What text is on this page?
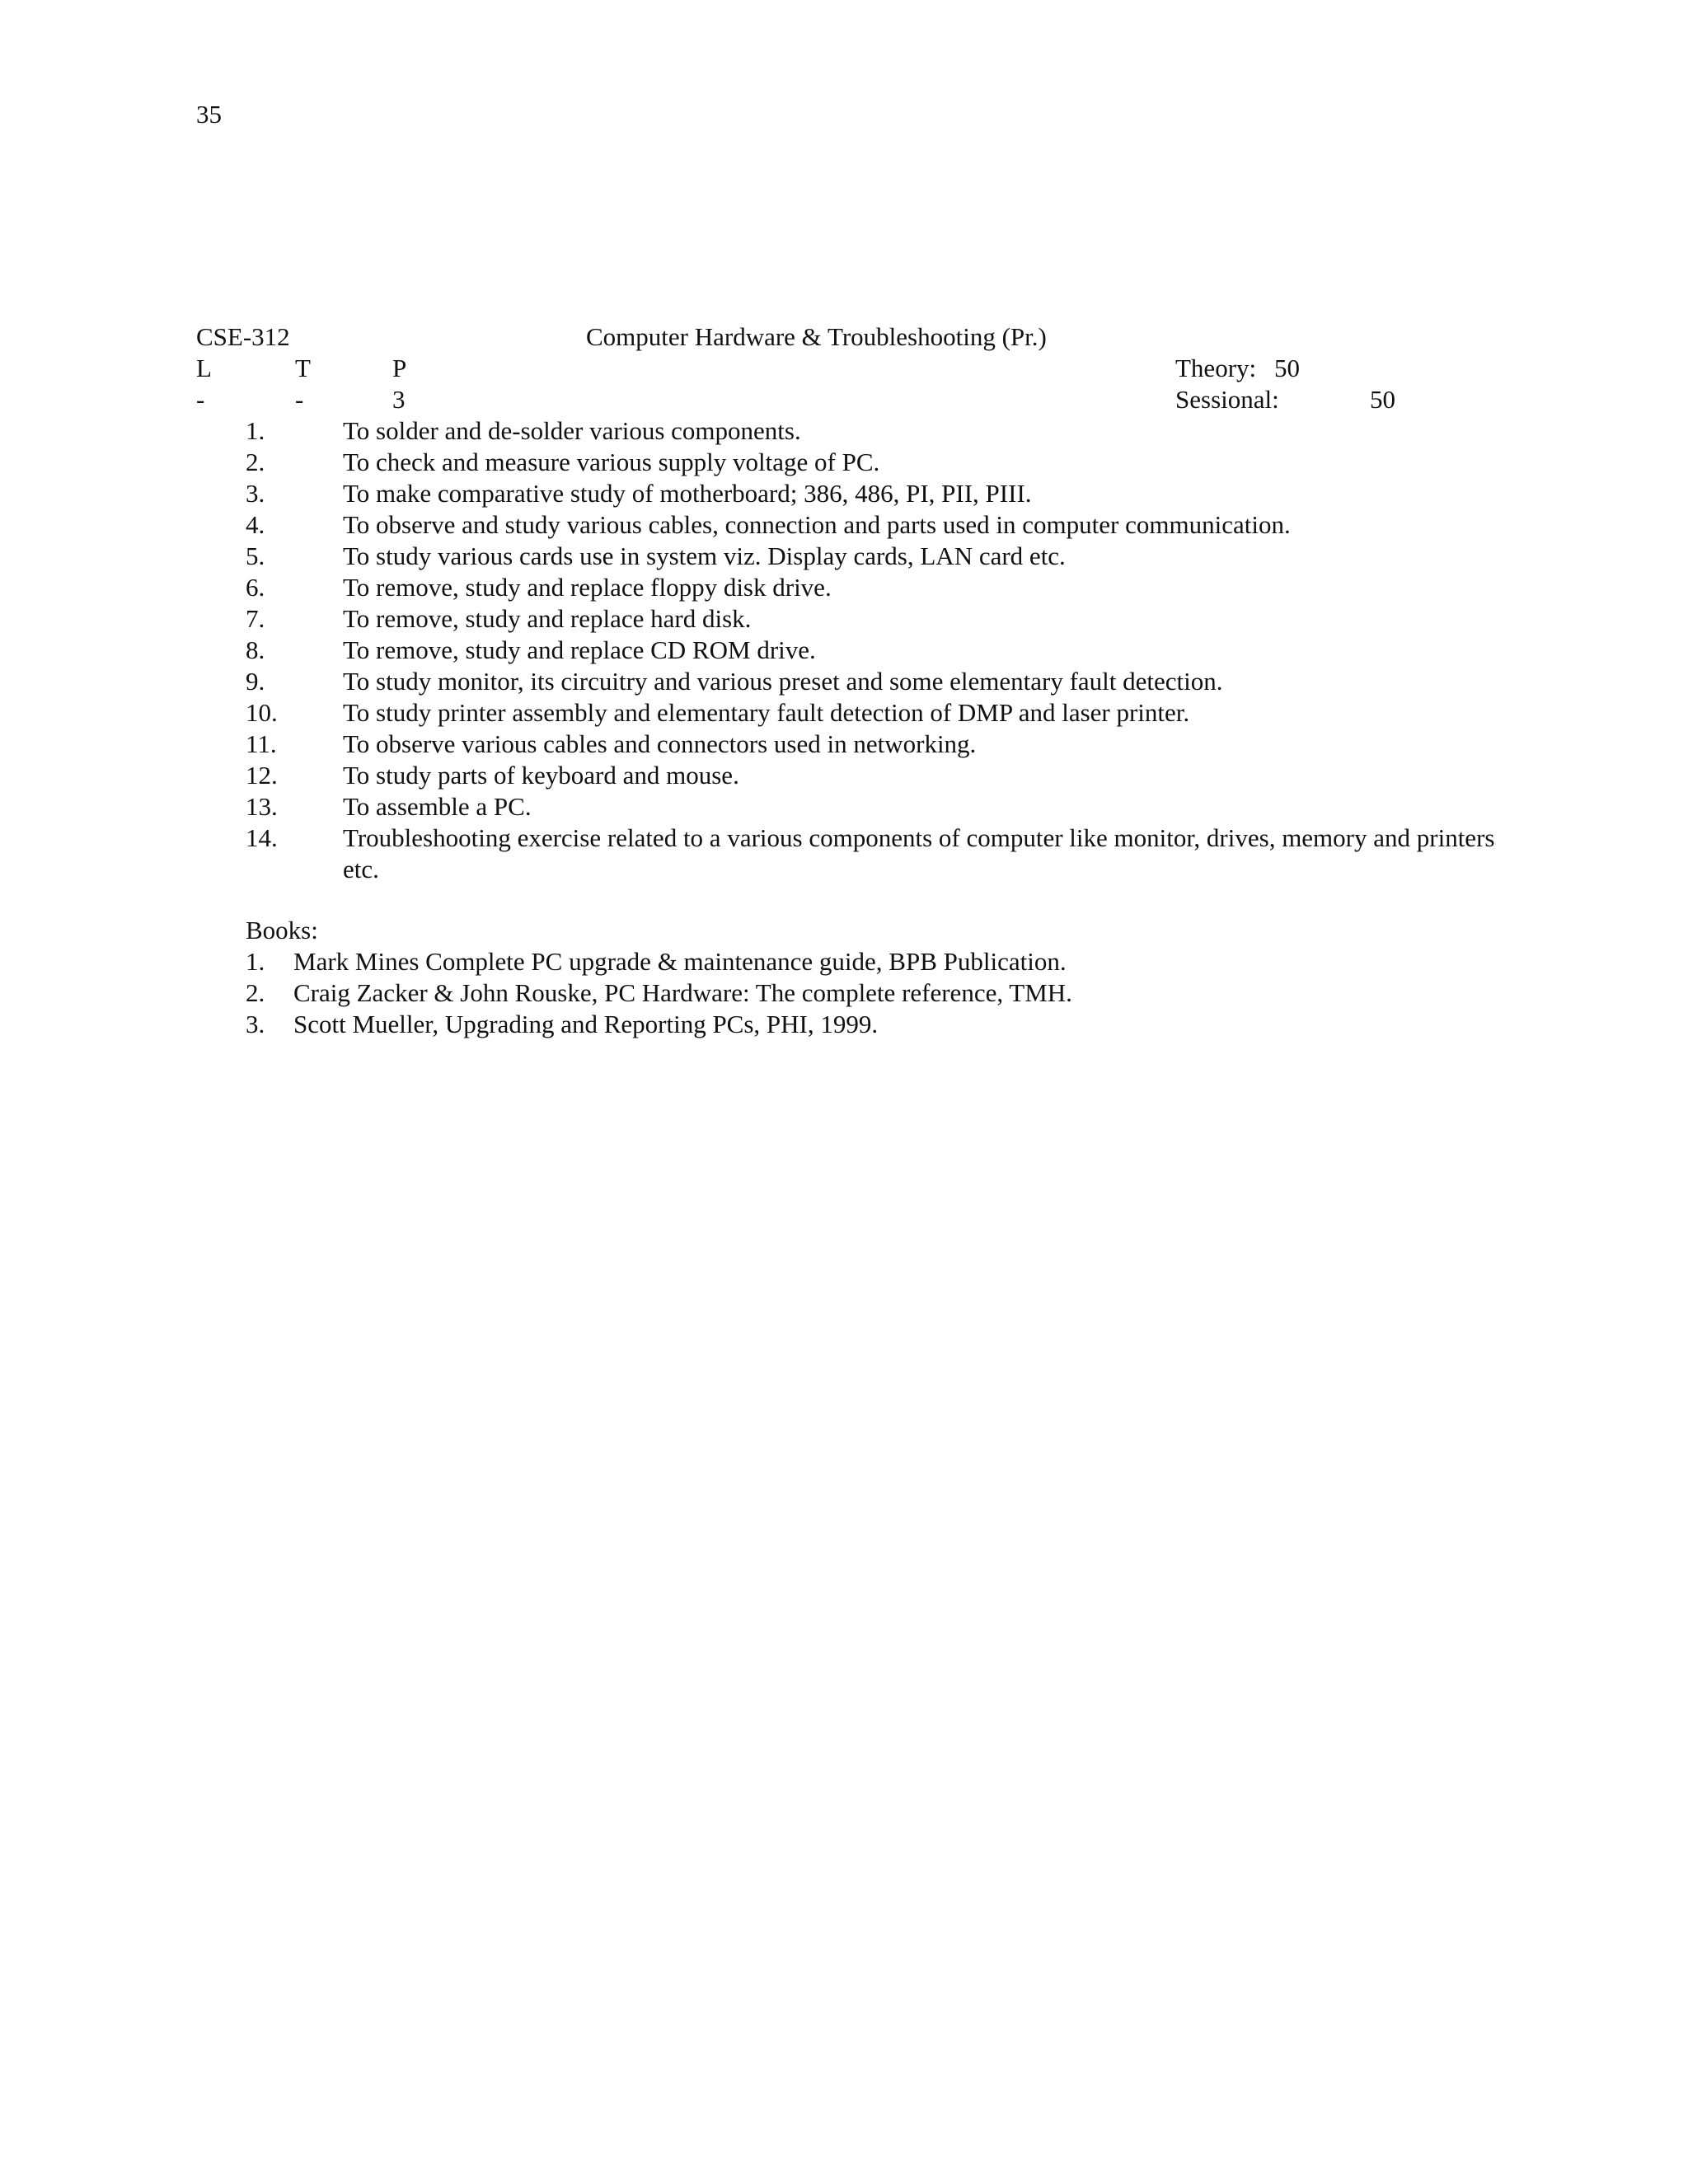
35
CSE-312	Computer Hardware & Troubleshooting (Pr.)
L	T	P	Theory: 50
-	-	3	Sessional:	50
1.	To solder and de-solder various components.
2.	To check and measure various supply voltage of PC.
3.	To make comparative study of motherboard; 386, 486, PI, PII, PIII.
4.	To observe and study various cables, connection and parts used in computer communication.
5.	To study various cards use in system viz. Display cards, LAN card etc.
6.	To remove, study and replace floppy disk drive.
7.	To remove, study and replace hard disk.
8.	To remove, study and replace CD ROM drive.
9.	To study monitor, its circuitry and various preset and some elementary fault detection.
10.	To study printer assembly and elementary fault detection of DMP and laser printer.
11.	To observe various cables and connectors used in networking.
12.	To study parts of keyboard and mouse.
13.	To assemble a PC.
14.	Troubleshooting exercise related to a various components of computer like monitor, drives, memory and printers etc.
Books:
1. Mark Mines Complete PC upgrade & maintenance guide, BPB Publication.
2. Craig Zacker & John Rouske, PC Hardware: The complete reference, TMH.
3. Scott Mueller, Upgrading and Reporting PCs, PHI, 1999.
